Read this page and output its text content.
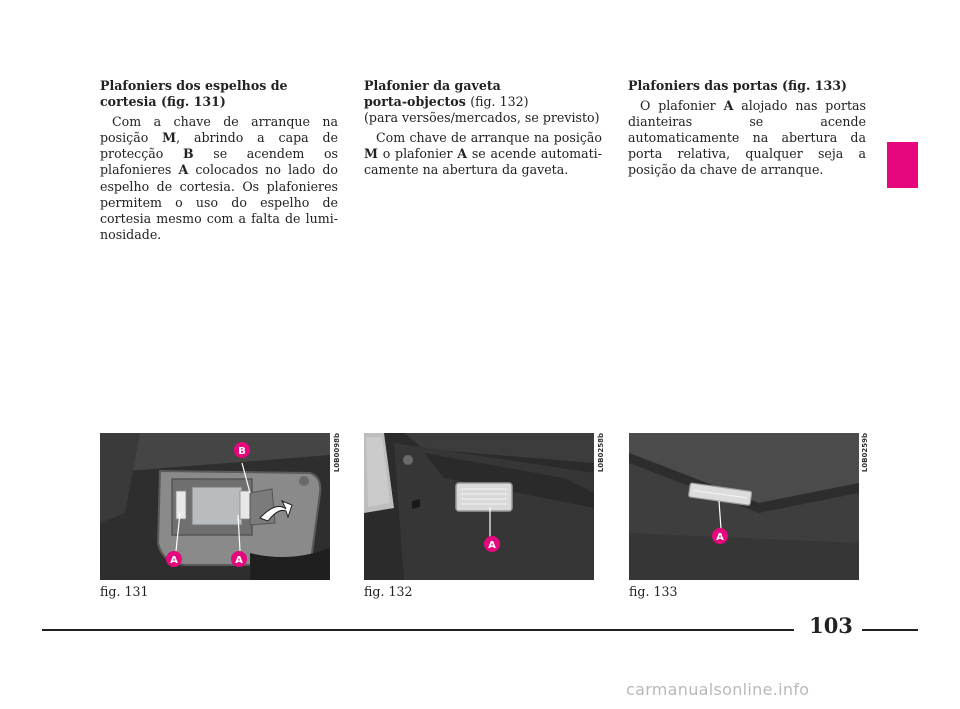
Plafoniers dos espelhos de
cortesia (fig. 131)

Com a chave de arranque na posição M, abrindo a capa de protecção B se acendem os plafonieres A colocados no lado do espelho de cortesia. Os plafonieres permitem o uso do espelho de cortesia mesmo com a falta de luminosidade.

Plafonier da gaveta
porta-objectos (fig. 132)

(para versões/mercados, se previsto)

Com chave de arranque na posição M o plafonier A se acende automaticamente na abertura da gaveta.

Plafoniers das portas (fig. 133)

O plafonier A alojado nas portas dianteiras se acende automaticamente na abertura da porta relativa, qualquer seja a posição da chave de arranque.

B
A	A
L0B0098b
fig. 131
A
L0B0258b
fig. 132
A
L0B0259b
fig. 133
103
carmanualsonline.info
